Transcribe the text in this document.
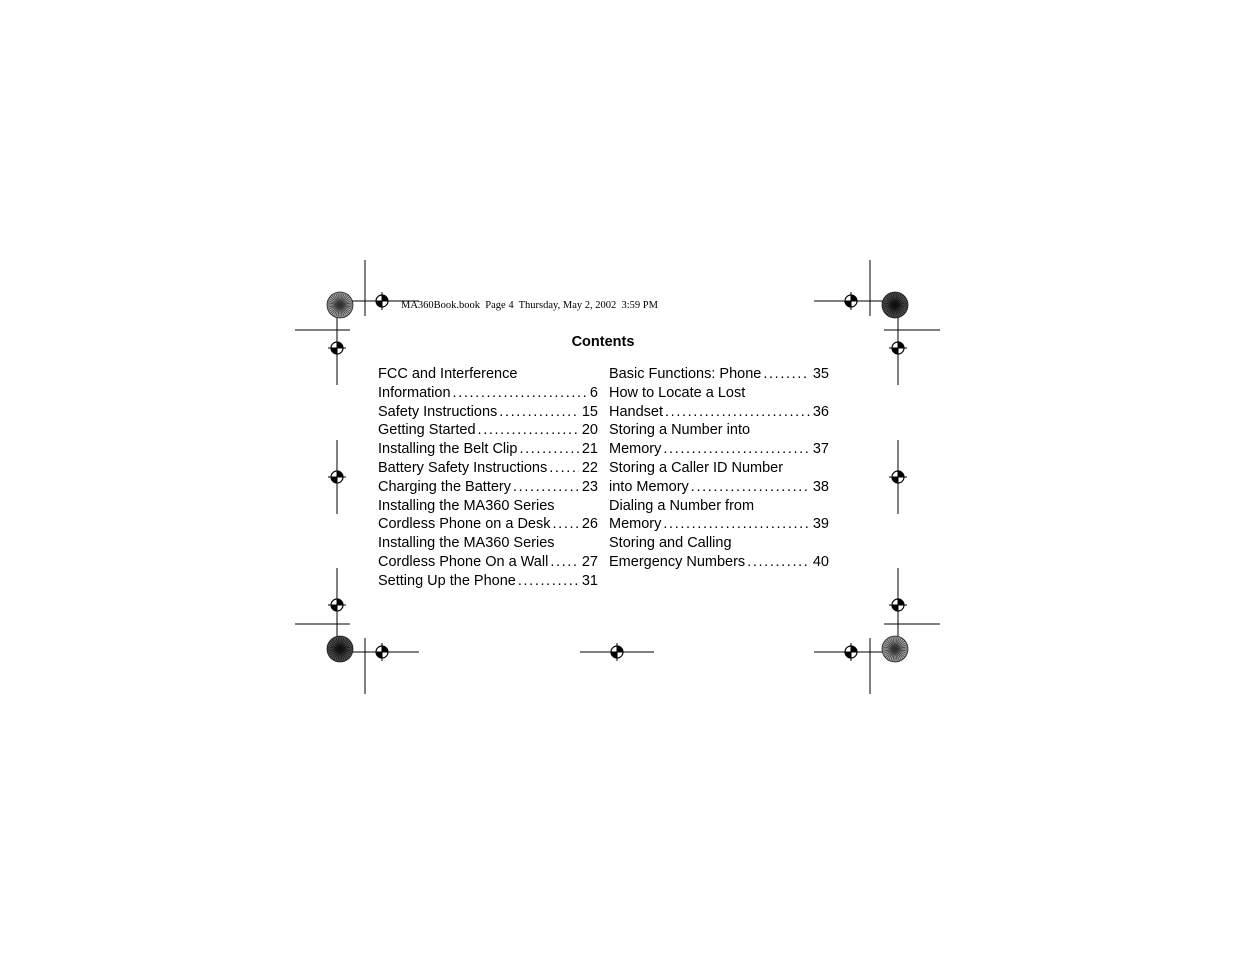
MA360Book.book  Page 4  Thursday, May 2, 2002  3:59 PM
Contents
FCC and Interference
Information . . .	6
Safety Instructions . . .	15
Getting Started . . .	20
Installing the Belt Clip . . .	21
Battery Safety Instructions . . . 22
Charging the Battery . . .	23
Installing the MA360 Series
Cordless Phone on a Desk . . . 26
Installing the MA360 Series
Cordless Phone On a Wall . . . 27
Setting Up the Phone . . .	31
Basic Functions: Phone . . .	35
How to Locate a Lost
Handset . . .	36
Storing a Number into
Memory . . .	37
Storing a Caller ID Number
into Memory . . .	38
Dialing a Number from
Memory . . .	39
Storing and Calling
Emergency Numbers . . .	40
